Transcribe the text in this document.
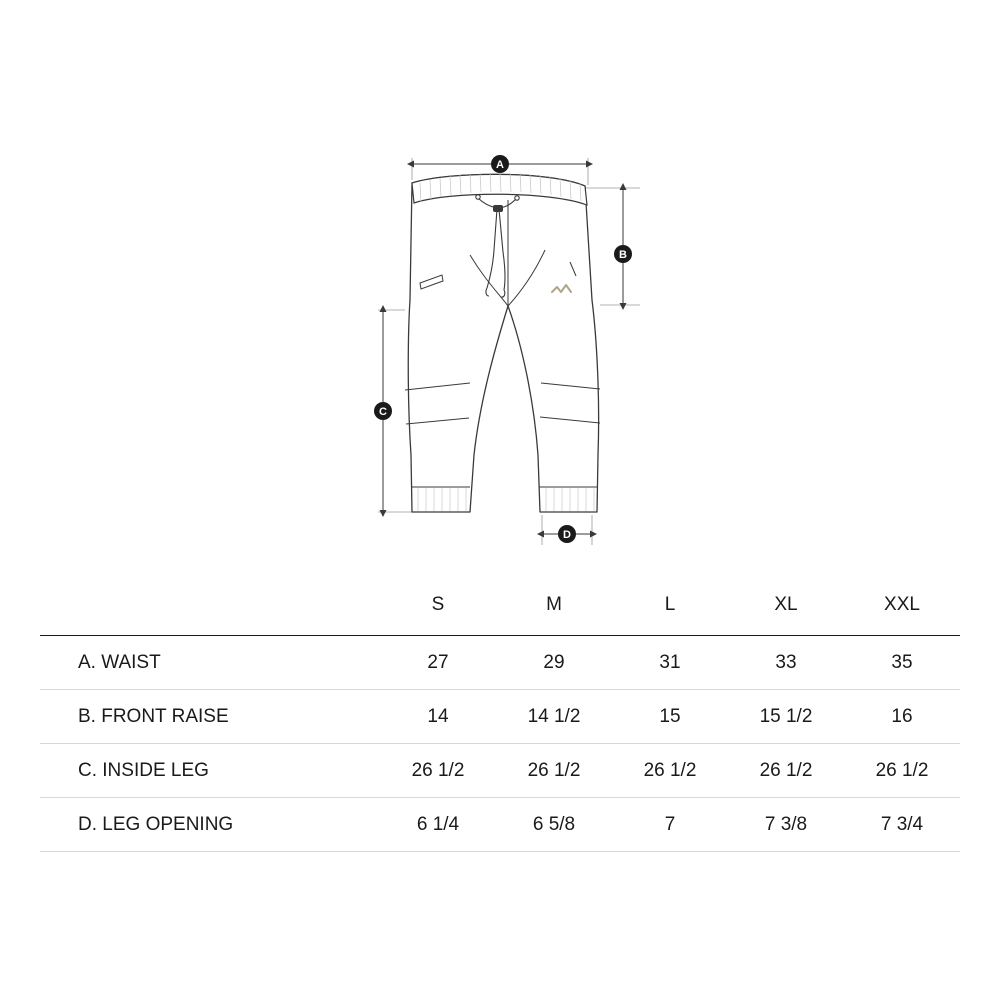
A
B
C
D
	S	M	L	XL	XXL
A. WAIST	27	29	31	33	35
B. FRONT RAISE	14	14 1/2	15	15 1/2	16
C. INSIDE LEG	26 1/2	26 1/2	26 1/2	26 1/2	26 1/2
D. LEG OPENING	6 1/4	6 5/8	7	7 3/8	7 3/4
